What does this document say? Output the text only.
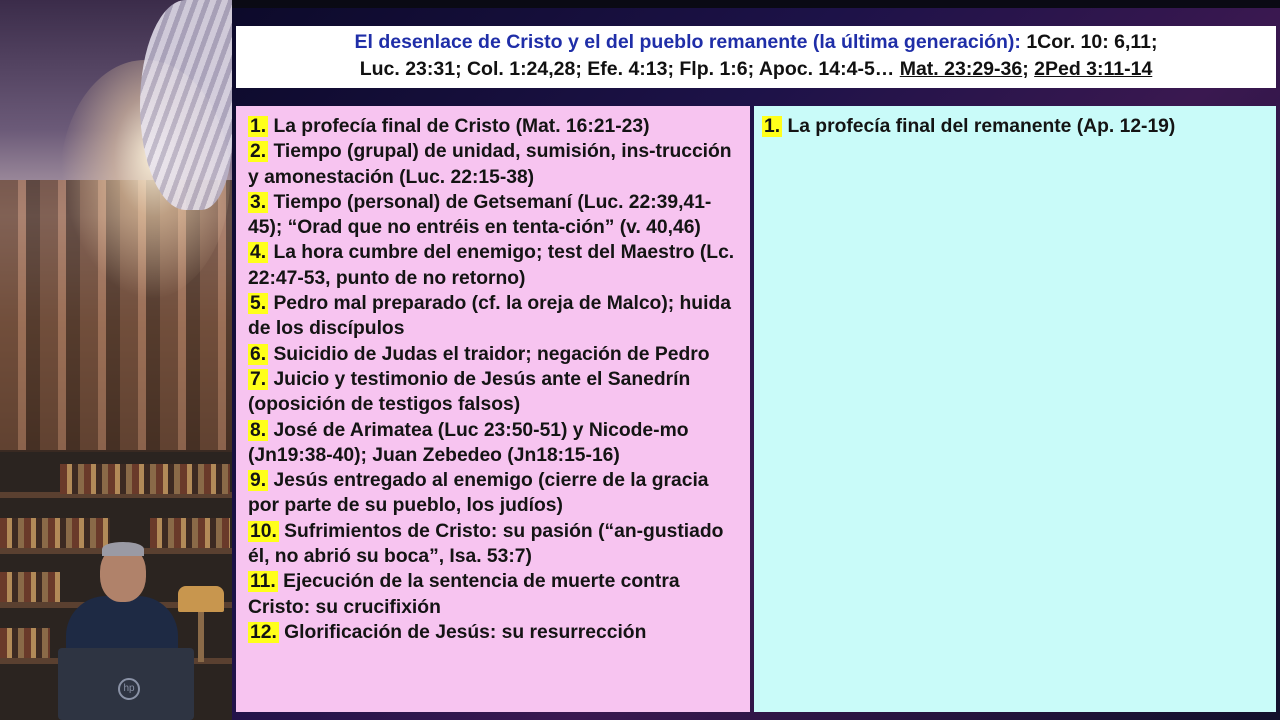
hp
El desenlace de Cristo y el del pueblo remanente (la última generación): 1Cor. 10: 6,11;
Luc. 23:31; Col. 1:24,28; Efe. 4:13; Flp. 1:6; Apoc. 14:4-5… Mat. 23:29-36; 2Ped 3:11-14
1. La profecía final de Cristo (Mat. 16:21-23)
2. Tiempo (grupal) de unidad, sumisión, ins-trucción y amonestación (Luc. 22:15-38)
3. Tiempo (personal) de Getsemaní (Luc. 22:39,41-45); “Orad que no entréis en tenta-ción” (v. 40,46)
4. La hora cumbre del enemigo; test del Maestro (Lc. 22:47-53, punto de no retorno)
5. Pedro mal preparado (cf. la oreja de Malco); huida de los discípulos
6. Suicidio de Judas el traidor; negación de Pedro
7. Juicio y testimonio de Jesús ante el Sanedrín (oposición de testigos falsos)
8. José de Arimatea (Luc 23:50-51) y Nicode-mo (Jn19:38-40); Juan Zebedeo (Jn18:15-16)
9. Jesús entregado al enemigo (cierre de la gracia por parte de su pueblo, los judíos)
10. Sufrimientos de Cristo: su pasión (“an-gustiado él, no abrió su boca”, Isa. 53:7)
11. Ejecución de la sentencia de muerte contra Cristo: su crucifixión
12. Glorificación de Jesús: su resurrección
1. La profecía final del remanente (Ap. 12-19)
